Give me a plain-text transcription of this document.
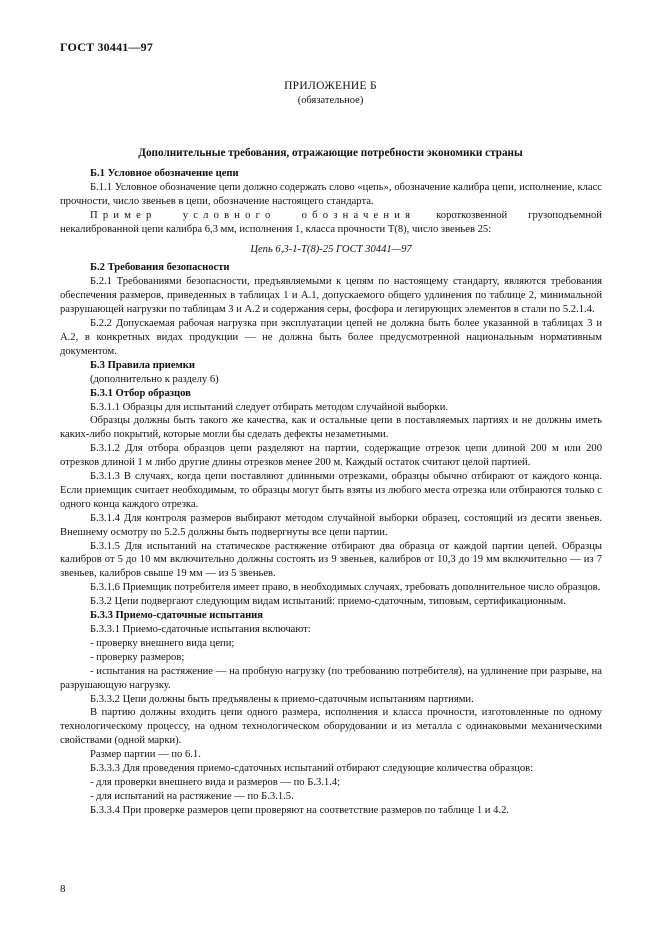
ГОСТ 30441—97
ПРИЛОЖЕНИЕ Б
(обязательное)
Дополнительные требования, отражающие потребности экономики страны

Б.1 Условное обозначение цепи

Б.1.1 Условное обозначение цепи должно содержать слово «цепь», обозначение калибра цепи, исполнение, класс прочности, число звеньев в цепи, обозначение настоящего стандарта.

Пример условного обозначения короткозвенной грузоподъемной некалиброванной цепи калибра 6,3 мм, исполнения 1, класса прочности Т(8), число звеньев 25:

Цепь 6,3-1-Т(8)-25 ГОСТ 30441—97

Б.2 Требования безопасности

Б.2.1 Требованиями безопасности, предъявляемыми к цепям по настоящему стандарту, являются требования обеспечения размеров, приведенных в таблицах 1 и А.1, допускаемого общего удлинения по таблице 2, минимальной разрушающей нагрузки по таблицам 3 и А.2 и содержания серы, фосфора и легирующих элементов в стали по 5.2.1.4.

Б.2.2 Допускаемая рабочая нагрузка при эксплуатации цепей не должна быть более указанной в таблицах 3 и А.2, в конкретных видах продукции — не должна быть более предусмотренной национальным нормативным документом.

Б.3 Правила приемки

(дополнительно к разделу 6)

Б.3.1 Отбор образцов

Б.3.1.1 Образцы для испытаний следует отбирать методом случайной выборки.

Образцы должны быть такого же качества, как и остальные цепи в поставляемых партиях и не должны иметь каких-либо покрытий, которые могли бы сделать дефекты незаметными.

Б.3.1.2 Для отбора образцов цепи разделяют на партии, содержащие отрезок цепи длиной 200 м или 200 отрезков длиной 1 м либо другие длины отрезков менее 200 м. Каждый остаток считают целой партией.

Б.3.1.3 В случаях, когда цепи поставляют длинными отрезками, образцы обычно отбирают от каждого конца. Если приемщик считает необходимым, то образцы могут быть взяты из любого места отрезка или отбираются только с одного конца каждого отрезка.

Б.3.1.4 Для контроля размеров выбирают методом случайной выборки образец, состоящий из десяти звеньев. Внешнему осмотру по 5.2.5 должны быть подвергнуты все цепи партии.

Б.3.1.5 Для испытаний на статическое растяжение отбирают два образца от каждой партии цепей. Образцы калибров от 5 до 10 мм включительно должны состоять из 9 звеньев, калибров от 10,3 до 19 мм включительно — из 7 звеньев, калибров свыше 19 мм — из 5 звеньев.

Б.3.1.6 Приемщик потребителя имеет право, в необходимых случаях, требовать дополнительное число образцов.

Б.3.2 Цепи подвергают следующим видам испытаний: приемо-сдаточным, типовым, сертификационным.

Б.3.3 Приемо-сдаточные испытания

Б.3.3.1 Приемо-сдаточные испытания включают:

- проверку внешнего вида цепи;

- проверку размеров;

- испытания на растяжение — на пробную нагрузку (по требованию потребителя), на удлинение при разрыве, на разрушающую нагрузку.

Б.3.3.2 Цепи должны быть предъявлены к приемо-сдаточным испытаниям партиями.

В партию должны входить цепи одного размера, исполнения и класса прочности, изготовленные по одному технологическому процессу, на одном технологическом оборудовании и из металла с одинаковыми механическими свойствами (одной марки).

Размер партии — по 6.1.

Б.3.3.3 Для проведения приемо-сдаточных испытаний отбирают следующие количества образцов:

- для проверки внешнего вида и размеров — по Б.3.1.4;

- для испытаний на растяжение — по Б.3.1.5.

Б.3.3.4 При проверке размеров цепи проверяют на соответствие размеров по таблице 1 и 4.2.

8
